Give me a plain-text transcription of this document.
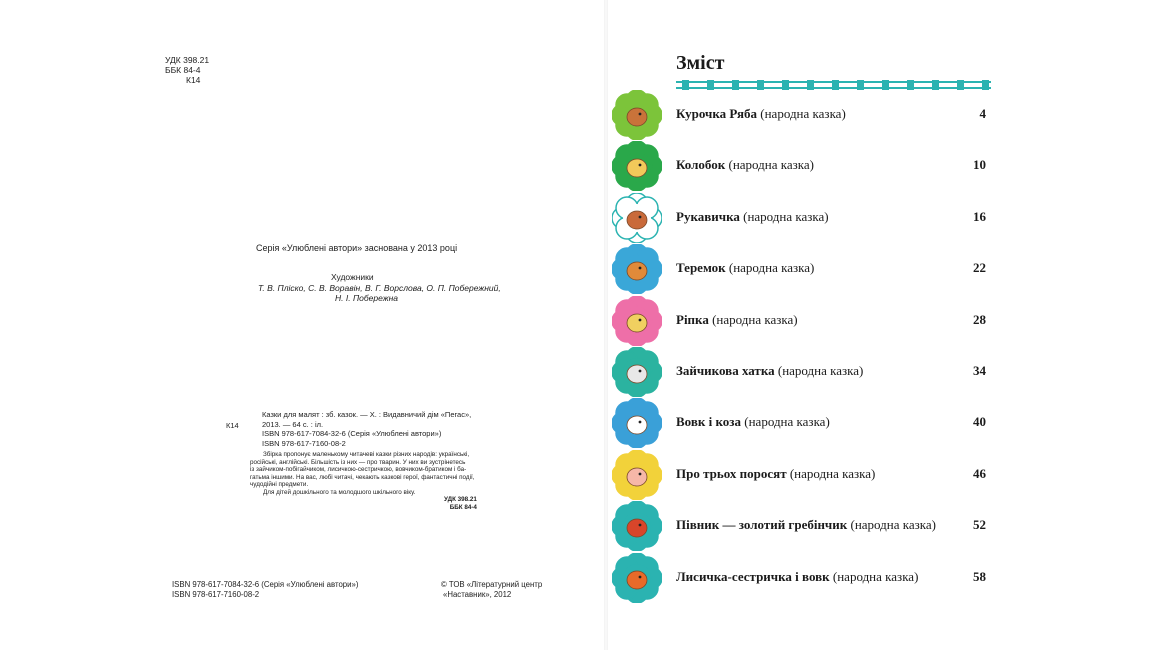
УДК 398.21
ББК 84-4
К14
Серія «Улюблені автори» заснована у 2013 році
Художники
Т. В. Пліско, С. В. Воравін, В. Г. Ворслова, О. П. Побережний,
Н. І. Побережна
К14
Казки для малят : зб. казок. — Х. : Видавничий дім «Пегас»,
2013. — 64 с. : іл.
ISBN 978-617-7084-32-6 (Серія «Улюблені автори»)
ISBN 978-617-7160-08-2
Збірка пропонує маленькому читачеві казки різних народів: українські,
російські, англійські. Більшість із них — про тварин. У них ви зустрінетесь
із зайчиком-побігайчиком, лисичкою-сестричкою, вовчиком-братиком і ба-
гатьма іншими. На вас, любі читачі, чекають казкові герої, фантастичні події,
чудодійні предмети.
Для дітей дошкільного та молодшого шкільного віку.
УДК 398.21
ББК 84-4
ISBN 978-617-7084-32-6 (Серія «Улюблені автори»)
ISBN 978-617-7160-08-2
© ТОВ «Літературний центр
«Наставник», 2012
Зміст
Курочка Ряба (народна казка)	4
Колобок (народна казка)	10
Рукавичка (народна казка)	16
Теремок (народна казка)	22
Ріпка (народна казка)	28
Зайчикова хатка (народна казка)	34
Вовк і коза (народна казка)	40
Про трьох поросят (народна казка)	46
Півник — золотий гребінчик (народна казка)	52
Лисичка-сестричка і вовк (народна казка)	58
